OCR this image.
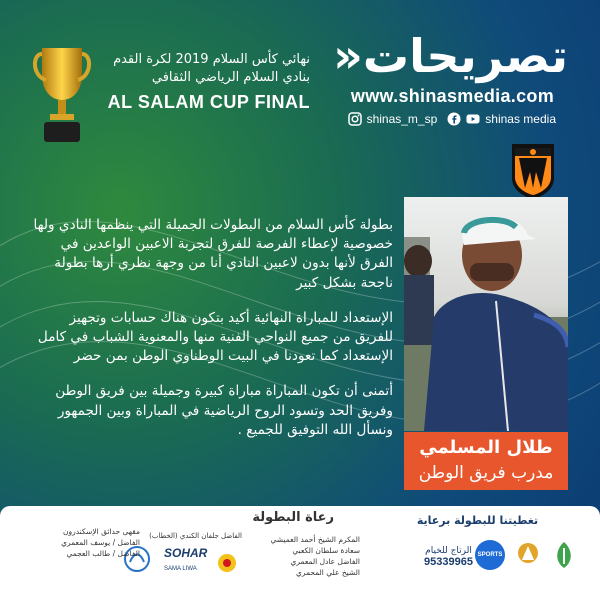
نهائي كأس السلام 2019 لكرة القدم
بنادي السلام الرياضي الثقافي
AL SALAM CUP FINAL
تصريحات«
www.shinasmedia.com
shinas_m_sp	shinas media

بطولة كأس السلام من البطولات الجميلة التي ينظمها النادي ولها خصوصية لإعطاء الفرصة للفرق لتجربة الاعبين الواعدين في الفرق لأنها بدون لاعبين النادي أنا من وجهة نظري أرها بطولة ناجحة بشكل كبير

الإستعداد للمباراة النهائية أكيد بتكون هناك حسابات وتجهيز للفريق من جميع النواحي الفنية منها والمعنوية الشباب في كامل الإستعداد كما تعودنا في البيت الوطناوي الوطن بمن حضر

أتمنى أن تكون المباراة مباراة كبيرة وجميلة بين فريق الوطن وفريق الحد وتسود الروح الرياضية في المباراة وبين الجمهور ونسأل الله التوفيق للجميع .

طلال المسلمي
مدرب فريق الوطن
تغطيتنا للبطولة برعاية
الرتاج للخيام
95339965
SPORTS
رعاة البطولة
المكرم الشيخ أحمد العميشي
سعادة سلطان الكعبي
الفاضل عادل المعمري
الشيخ علي المحمري
الفاضل جلفان الكندي (الخطاب)
SOHAR
SAMA LIWA
مقهى حدائق الإسكندرون
الفاضل / يوسف المعمري
الفاضل / طالب العجمي
